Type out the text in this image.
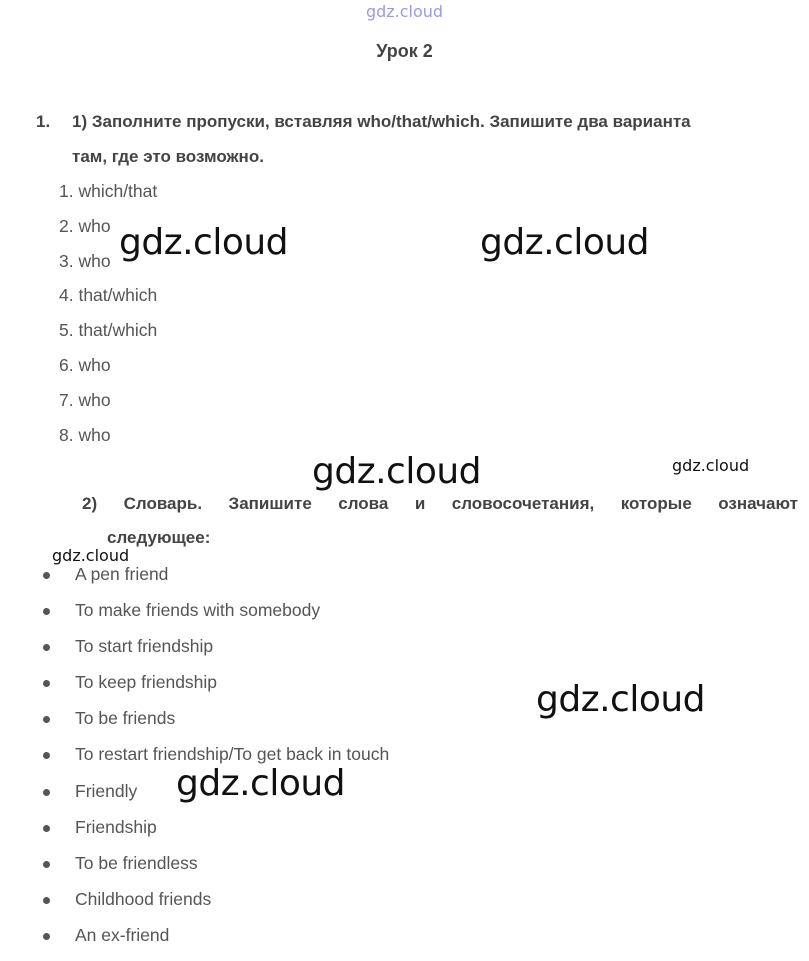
gdz.cloud
Урок 2
1. 1) Заполните пропуски, вставляя who/that/which. Запишите два варианта
там, где это возможно.
1. which/that
2. who
3. who
4. that/which
5. that/which
6. who
7. who
8. who
2) Словарь. Запишите слова и словосочетания, которые означают
следующее:
A pen friend
To make friends with somebody
To start friendship
To keep friendship
To be friends
To restart friendship/To get back in touch
Friendly
Friendship
To be friendless
Childhood friends
An ex-friend
gdz.cloud	gdz.cloud
gdz.cloud	gdz.cloud
gdz.cloud
gdz.cloud
gdz.cloud
